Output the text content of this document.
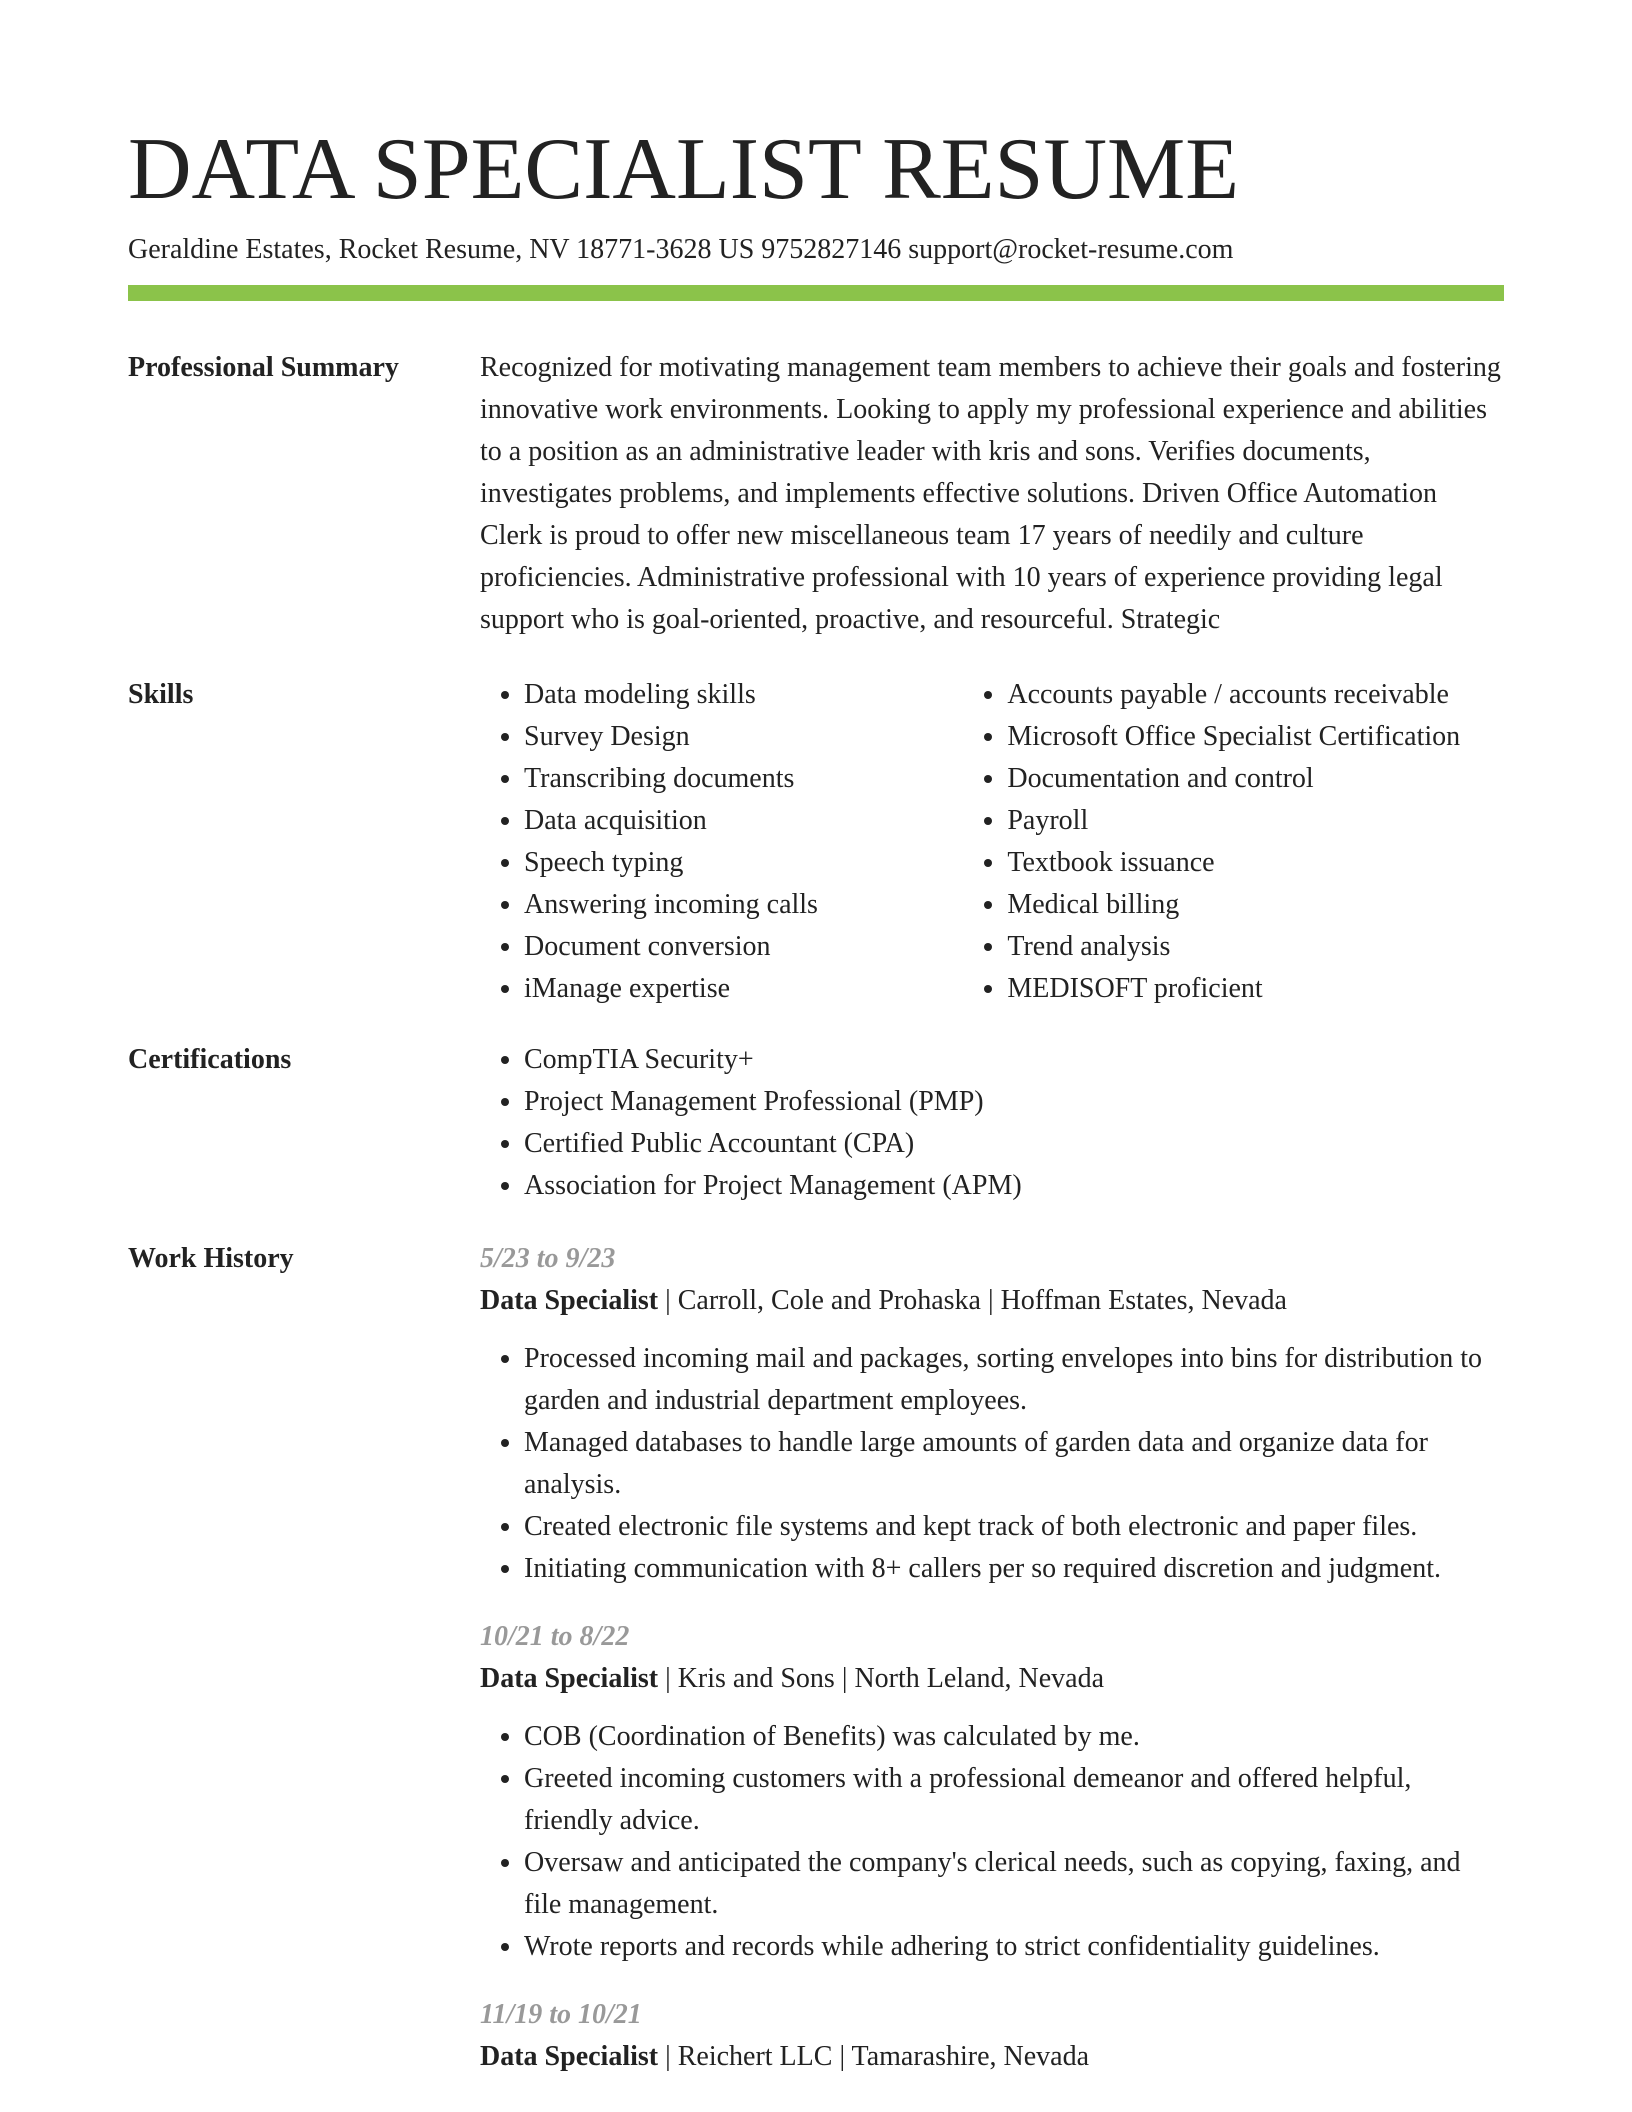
DATA SPECIALIST RESUME
Geraldine Estates, Rocket Resume, NV 18771-3628 US 9752827146 support@rocket-resume.com
Professional Summary	Recognized for motivating management team members to achieve their goals and fostering innovative work environments. Looking to apply my professional experience and abilities to a position as an administrative leader with kris and sons. Verifies documents, investigates problems, and implements effective solutions. Driven Office Automation Clerk is proud to offer new miscellaneous team 17 years of needily and culture proficiencies. Administrative professional with 10 years of experience providing legal support who is goal-oriented, proactive, and resourceful. Strategic

Skills	• Data modeling skills
• Survey Design
• Transcribing documents
• Data acquisition
• Speech typing
• Answering incoming calls
• Document conversion
• iManage expertise
• Accounts payable / accounts receivable
• Microsoft Office Specialist Certification
• Documentation and control
• Payroll
• Textbook issuance
• Medical billing
• Trend analysis
• MEDISOFT proficient
Certifications	• CompTIA Security+
• Project Management Professional (PMP)
• Certified Public Accountant (CPA)
• Association for Project Management (APM)
Work History	5/23 to 9/23
Data Specialist | Carroll, Cole and Prohaska | Hoffman Estates, Nevada
• Processed incoming mail and packages, sorting envelopes into bins for distribution to garden and industrial department employees.
• Managed databases to handle large amounts of garden data and organize data for analysis.
• Created electronic file systems and kept track of both electronic and paper files.
• Initiating communication with 8+ callers per so required discretion and judgment.
10/21 to 8/22
Data Specialist | Kris and Sons | North Leland, Nevada
• COB (Coordination of Benefits) was calculated by me.
• Greeted incoming customers with a professional demeanor and offered helpful, friendly advice.
• Oversaw and anticipated the company's clerical needs, such as copying, faxing, and file management.
• Wrote reports and records while adhering to strict confidentiality guidelines.
11/19 to 10/21
Data Specialist | Reichert LLC | Tamarashire, Nevada
